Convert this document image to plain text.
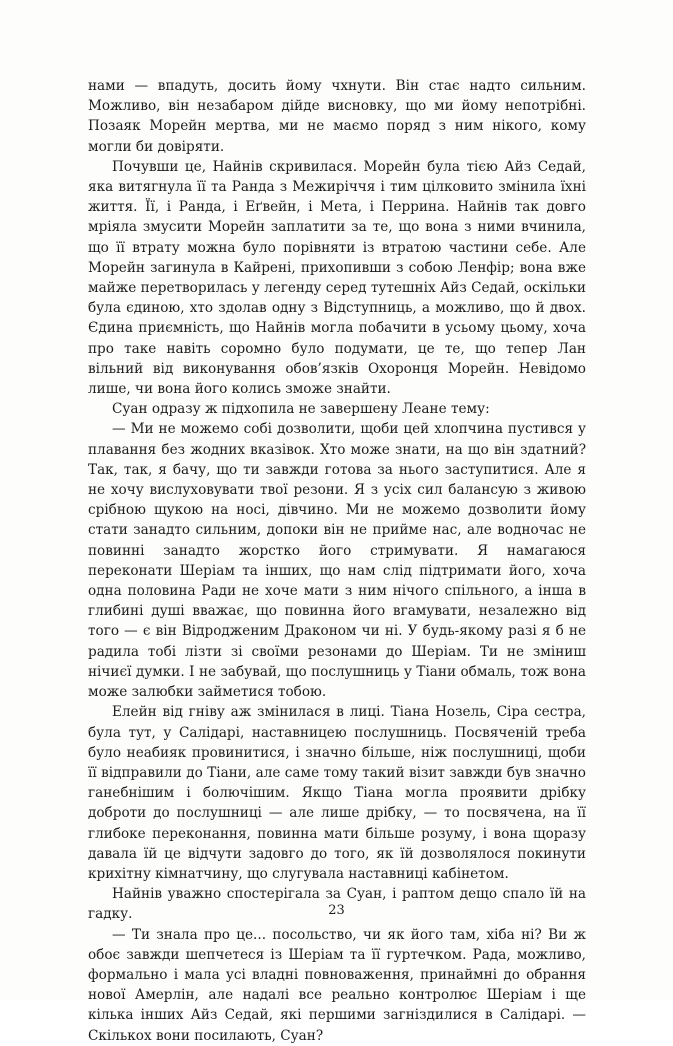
нами — впадуть, досить йому чхнути. Він стає надто сильним. Можливо, він незабаром дійде висновку, що ми йому непотрібні. Позаяк Морейн мертва, ми не маємо поряд з ним нікого, кому могли би довіряти.

Почувши це, Найнів скривилася. Морейн була тією Айз Седай, яка витягнула її та Ранда з Межиріччя і тим цілковито змінила їхні життя. Її, і Ранда, і Еґвейн, і Мета, і Перрина. Найнів так довго мріяла змусити Морейн заплатити за те, що вона з ними вчинила, що її втрату можна було порівняти із втратою частини себе. Але Морейн загинула в Кайрені, прихопивши з собою Ленфір; вона вже майже перетворилась у легенду серед тутешніх Айз Седай, оскільки була єдиною, хто здолав одну з Відступниць, а можливо, що й двох. Єдина приємність, що Найнів могла побачити в усьому цьому, хоча про таке навіть соромно було подумати, це те, що тепер Лан вільний від виконування обов’язків Охоронця Морейн. Невідомо лише, чи вона його колись зможе знайти.

Суан одразу ж підхопила не завершену Леане тему:

— Ми не можемо собі дозволити, щоби цей хлопчина пустився у плавання без жодних вказівок. Хто може знати, на що він здатний? Так, так, я бачу, що ти завжди готова за нього заступитися. Але я не хочу вислуховувати твої резони. Я з усіх сил балансую з живою срібною щукою на носі, дівчино. Ми не можемо дозволити йому стати занадто сильним, допоки він не прийме нас, але водночас не повинні занадто жорстко його стримувати. Я намагаюся переконати Шеріам та інших, що нам слід підтримати його, хоча одна половина Ради не хоче мати з ним нічого спільного, а інша в глибині душі вважає, що повинна його вгамувати, незалежно від того — є він Відродженим Драконом чи ні. У будь-якому разі я б не радила тобі лізти зі своїми резонами до Шеріам. Ти не зміниш нічиєї думки. І не забувай, що послушниць у Тіани обмаль, тож вона може залюбки займетися тобою.

Елейн від гніву аж змінилася в лиці. Тіана Нозель, Сіра сестра, була тут, у Салідарі, наставницею послушниць. Посвяченій треба було неабияк провинитися, і значно більше, ніж послушниці, щоби її відправили до Тіани, але саме тому такий візит завжди був значно ганебнішим і болючішим. Якщо Тіана могла проявити дрібку доброти до послушниці — але лише дрібку, — то посвячена, на її глибоке переконання, повинна мати більше розуму, і вона щоразу давала їй це відчути задовго до того, як їй дозволялося покинути крихітну кімнатчину, що слугувала наставниці кабінетом.

Найнів уважно спостерігала за Суан, і раптом дещо спало їй на гадку.

— Ти знала про це... посольство, чи як його там, хіба ні? Ви ж обоє завжди шепчетеся із Шеріам та її гуртечком. Рада, можливо, формально і мала усі владні повноваження, принаймні до обрання нової Амерлін, але надалі все реально контролює Шеріам і ще кілька інших Айз Седай, які першими загніздилися в Салідарі. — Скількох вони посилають, Суан?

23
